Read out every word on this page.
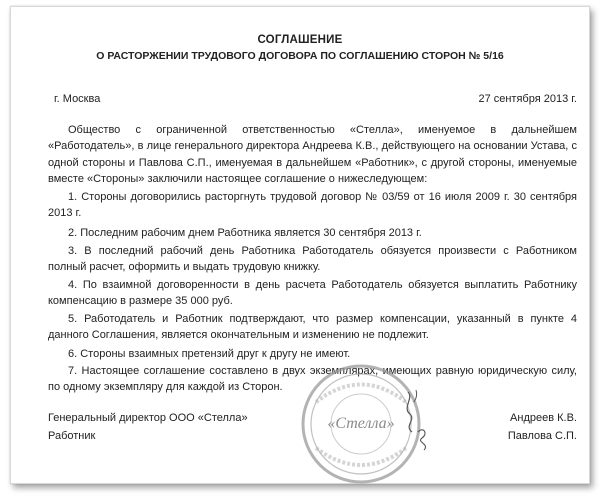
СОГЛАШЕНИЕ
О РАСТОРЖЕНИИ ТРУДОВОГО ДОГОВОРА ПО СОГЛАШЕНИЮ СТОРОН № 5/16
г. Москва	27 сентября 2013 г.

Общество с ограниченной ответственностью «Стелла», именуемое в дальнейшем «Работодатель», в лице генерального директора Андреева К.В., действующего на основании Устава, с одной стороны и Павлова С.П., именуемая в дальнейшем «Работник», с другой стороны, именуемые вместе «Стороны» заключили настоящее соглашение о нижеследующем:

1. Стороны договорились расторгнуть трудовой договор № 03/59 от 16 июля 2009 г. 30 сентября 2013 г.

2. Последним рабочим днем Работника является 30 сентября 2013 г.

3. В последний рабочий день Работника Работодатель обязуется произвести с Работником полный расчет, оформить и выдать трудовую книжку.

4. По взаимной договоренности в день расчета Работодатель обязуется выплатить Работнику компенсацию в размере 35 000 руб.

5. Работодатель и Работник подтверждают, что размер компенсации, указанный в пункте 4 данного Соглашения, является окончательным и изменению не подлежит.

6. Стороны взаимных претензий друг к другу не имеют.

7. Настоящее соглашение составлено в двух экземплярах, имеющих равную юридическую силу, по одному экземпляру для каждой из Сторон.

Генеральный директор ООО «Стелла»
Работник
Андреев К.В.
Павлова С.П.
«Стелла»
